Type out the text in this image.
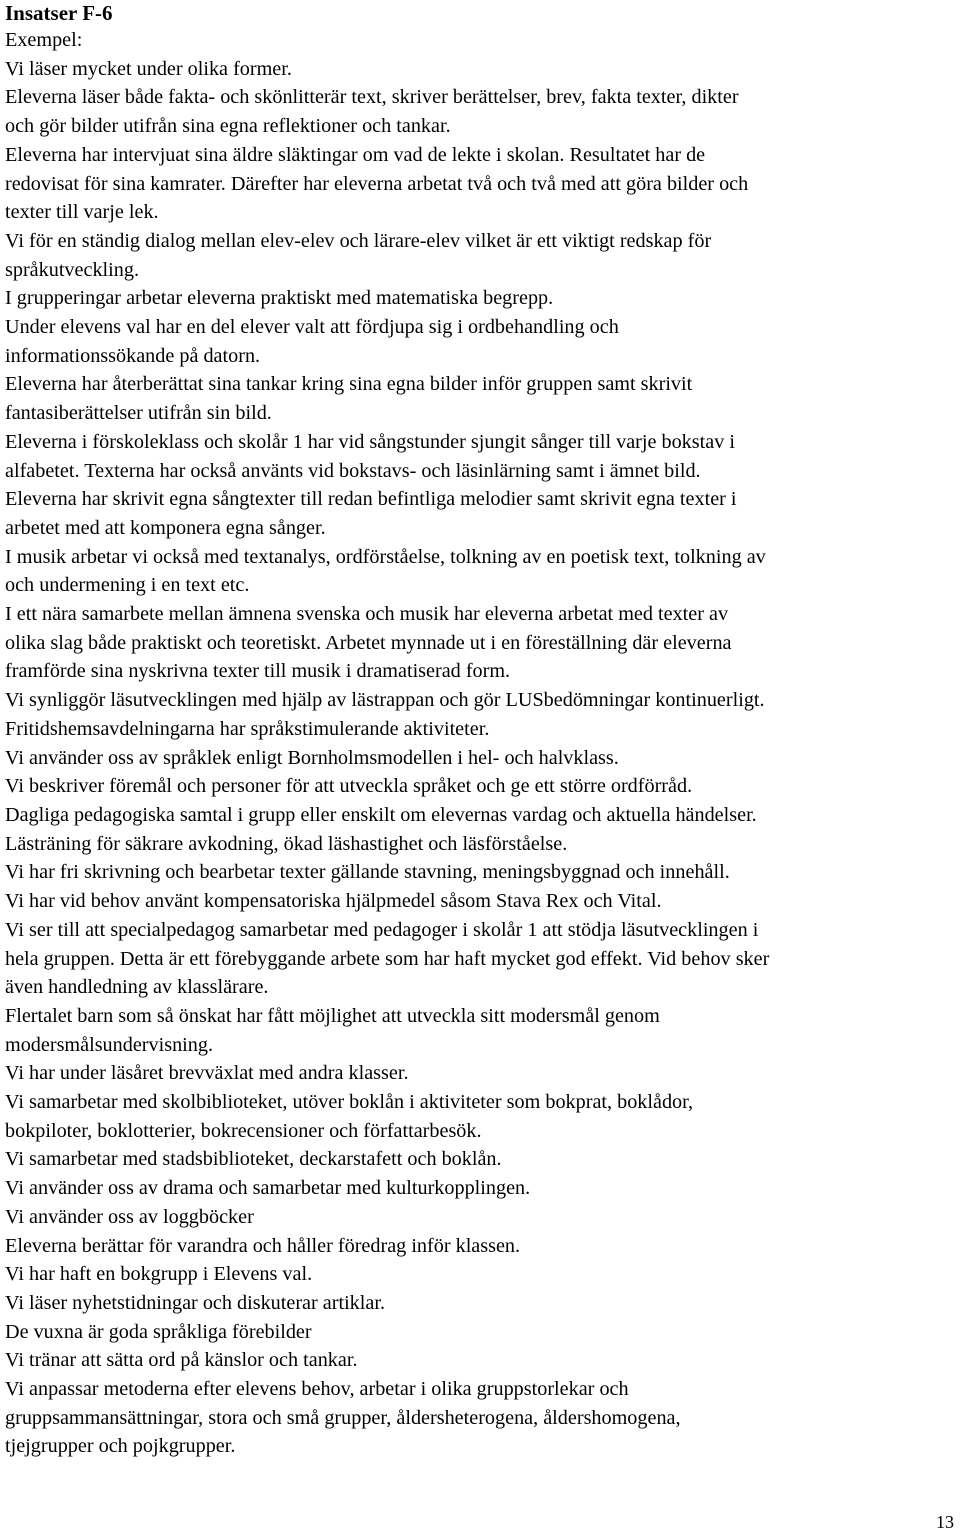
Insatser F-6
Exempel:
Vi läser mycket under olika former.
Eleverna läser både fakta- och skönlitterär text, skriver berättelser, brev, fakta texter, dikter
och gör bilder utifrån sina egna reflektioner och tankar.
Eleverna har intervjuat sina äldre släktingar om vad de lekte i skolan. Resultatet har de
redovisat för sina kamrater. Därefter har eleverna arbetat två och två med att göra bilder och
texter till varje lek.
Vi för en ständig dialog mellan elev-elev och lärare-elev vilket är ett viktigt redskap för
språkutveckling.
I grupperingar arbetar eleverna praktiskt med matematiska begrepp.
Under elevens val har en del elever valt att fördjupa sig i ordbehandling och
informationssökande på datorn.
Eleverna har återberättat sina tankar kring sina egna bilder inför gruppen samt skrivit
fantasiberättelser utifrån sin bild.
Eleverna i förskoleklass och skolår 1 har vid sångstunder sjungit sånger till varje bokstav i
alfabetet. Texterna har också använts vid bokstavs- och läsinlärning samt i ämnet bild.
Eleverna har skrivit egna sångtexter till redan befintliga melodier samt skrivit egna texter i
arbetet med att komponera egna sånger.
I musik arbetar vi också med textanalys, ordförståelse, tolkning av en poetisk text, tolkning av
och undermening i en text etc.
I ett nära samarbete mellan ämnena svenska och musik har eleverna arbetat med texter av
olika slag både praktiskt och teoretiskt. Arbetet mynnade ut i en föreställning där eleverna
framförde sina nyskrivna texter till musik i dramatiserad form.
Vi synliggör läsutvecklingen med hjälp av lästrappan och gör LUSbedömningar kontinuerligt.
Fritidshemsavdelningarna har språkstimulerande aktiviteter.
Vi använder oss av språklek enligt Bornholmsmodellen i hel- och halvklass.
Vi beskriver föremål och personer för att utveckla språket och ge ett större ordförråd.
Dagliga pedagogiska samtal i grupp eller enskilt om elevernas vardag och aktuella händelser.
Lästräning för säkrare avkodning, ökad läshastighet och läsförståelse.
Vi har fri skrivning och bearbetar texter gällande stavning, meningsbyggnad och innehåll.
Vi har vid behov använt kompensatoriska hjälpmedel såsom Stava Rex och Vital.
Vi ser till att specialpedagog samarbetar med pedagoger i skolår 1 att stödja läsutvecklingen i
hela gruppen. Detta är ett förebyggande arbete som har haft mycket god effekt. Vid behov sker
även handledning av klasslärare.
Flertalet barn som så önskat har fått möjlighet att utveckla sitt modersmål genom
modersmålsundervisning.
Vi har under läsåret brevväxlat med andra klasser.
Vi samarbetar med skolbiblioteket, utöver boklån i aktiviteter som bokprat, boklådor,
bokpiloter, boklotterier, bokrecensioner och författarbesök.
Vi samarbetar med stadsbiblioteket, deckarstafett och boklån.
Vi använder oss av drama och samarbetar med kulturkopplingen.
Vi använder oss av loggböcker
Eleverna berättar för varandra och håller föredrag inför klassen.
Vi har haft en bokgrupp i Elevens val.
Vi läser nyhetstidningar och diskuterar artiklar.
De vuxna är goda språkliga förebilder
Vi tränar att sätta ord på känslor och tankar.
Vi anpassar metoderna efter elevens behov, arbetar i olika gruppstorlekar och
gruppsammansättningar, stora och små grupper, åldersheterogena, åldershomogena,
tjejgrupper och pojkgrupper.
13
